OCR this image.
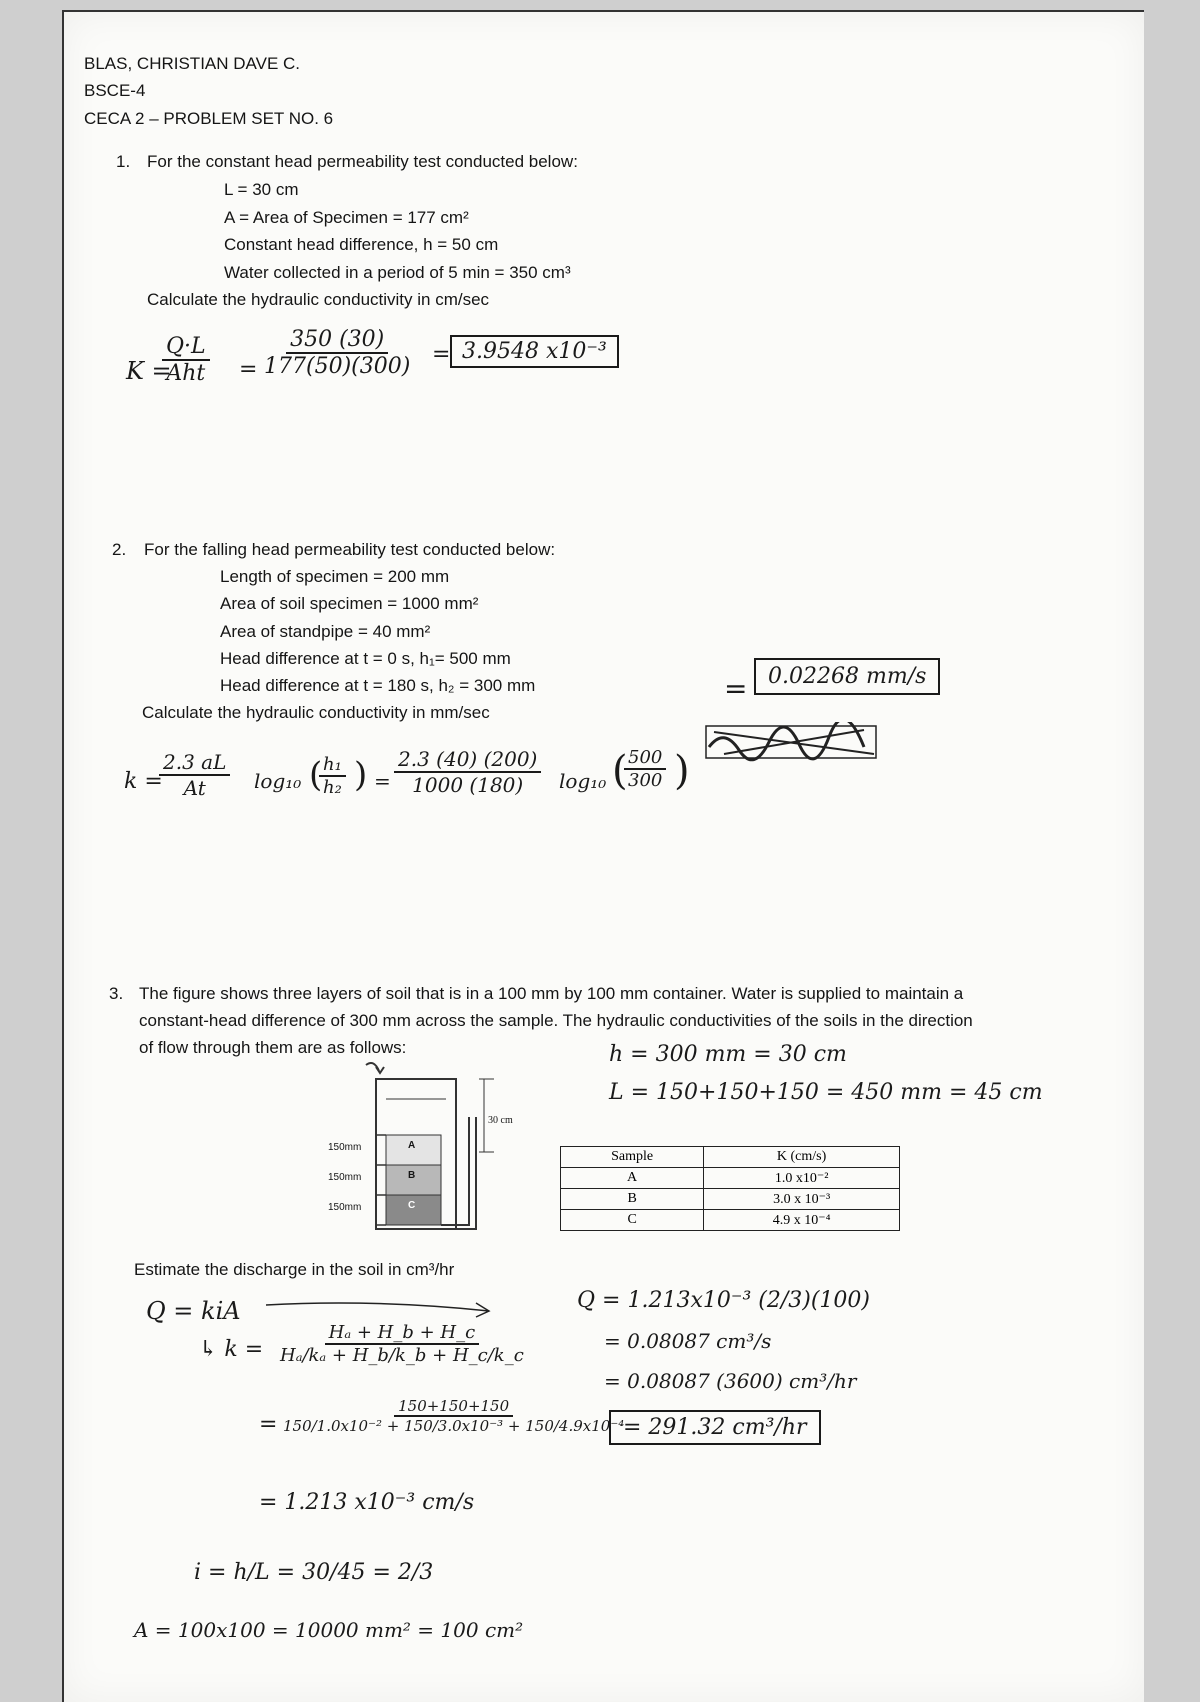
BLAS, CHRISTIAN DAVE C.
BSCE-4
CECA 2 – PROBLEM SET NO. 6
1. For the constant head permeability test conducted below:
L = 30 cm
A = Area of Specimen = 177 cm²
Constant head difference, h = 50 cm
Water collected in a period of 5 min = 350 cm³
Calculate the hydraulic conductivity in cm/sec
K =
Q·L
Aht = $\frac{350 (30)}{177(50)(300)} = 3.9548$ x10⁻³
2. For the falling head permeability test conducted below:
Length of specimen = 200 mm
Area of soil specimen = 1000 mm²
Area of standpipe = 40 mm²
Head difference at t = 0 s, h₁= 500 mm
Head difference at t = 180 s, h₂ = 300 mm
Calculate the hydraulic conductivity in mm/sec
= 0.02268 mm/s
k =
$\frac{2.3 aL}{At} \log_{10}$ (
$\frac{\text{h₁}}{\text{h₂}}$ ) = $\frac{2.3 (40) (200)}{1000 (180)} \log_{10}$ (
$\frac{500}{300}$ )
3. The figure shows three layers of soil that is in a 100 mm by 100 mm container. Water is supplied to maintain a
constant-head difference of 300 mm across the sample. The hydraulic conductivities of the soils in the direction
of flow through them are as follows:	h = 300 mm = 30 cm
L = 150+150+150 = 450 mm = 45 cm
30 cm
150mm
150mm
150mm
A
B
C
Sample	K (cm/s)
A	1.0 x10⁻²
B	3.0 x 10⁻³
C	4.9 x 10⁻⁴
Estimate the discharge in the soil in cm³/hr
Q = kiA
↳ $k = \frac{\text{Hₐ + H\_b + H\_c}}{\text{Hₐ/kₐ + H\_b/k\_b + H\_c/k\_c}}$
= $\frac{150+150+150}{\text{150/1.0x10⁻² + 150/3.0x10⁻³ + 150/4.9x10⁻⁴}}$
= 1.213 x10⁻³ cm/s
i = h/L = 30/45 = 2/3
A = 100x100 = 10000 mm² = 100 cm²
Q = 1.213x10⁻³ (2/3)(100)
= 0.08087 cm³/s
= 0.08087 (3600) cm³/hr
= 291.32 cm³/hr
